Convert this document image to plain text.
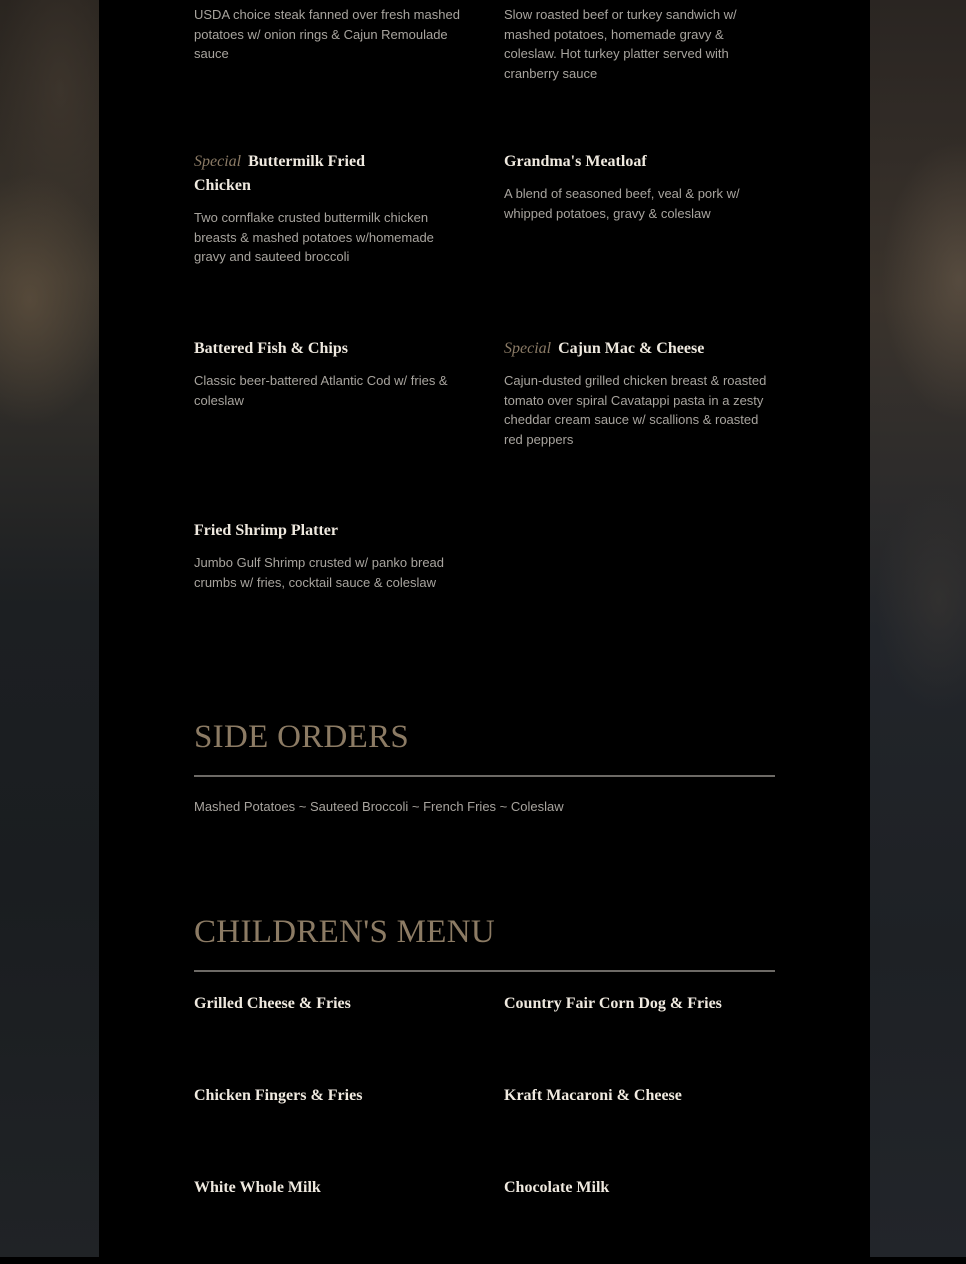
USDA choice steak fanned over fresh mashed potatoes w/ onion rings & Cajun Remoulade sauce
Slow roasted beef or turkey sandwich w/ mashed potatoes, homemade gravy & coleslaw. Hot turkey platter served with cranberry sauce
Special Buttermilk Fried Chicken
Two cornflake crusted buttermilk chicken breasts & mashed potatoes w/homemade gravy and sauteed broccoli
Grandma's Meatloaf
A blend of seasoned beef, veal & pork w/ whipped potatoes, gravy & coleslaw
Battered Fish & Chips
Classic beer-battered Atlantic Cod w/ fries & coleslaw
Special Cajun Mac & Cheese
Cajun-dusted grilled chicken breast & roasted tomato over spiral Cavatappi pasta in a zesty cheddar cream sauce w/ scallions & roasted red peppers
Fried Shrimp Platter
Jumbo Gulf Shrimp crusted w/ panko bread crumbs w/ fries, cocktail sauce & coleslaw
SIDE ORDERS
Mashed Potatoes ~ Sauteed Broccoli ~ French Fries ~ Coleslaw
CHILDREN'S MENU
Grilled Cheese & Fries	Country Fair Corn Dog & Fries
Chicken Fingers & Fries	Kraft Macaroni & Cheese
White Whole Milk	Chocolate Milk
